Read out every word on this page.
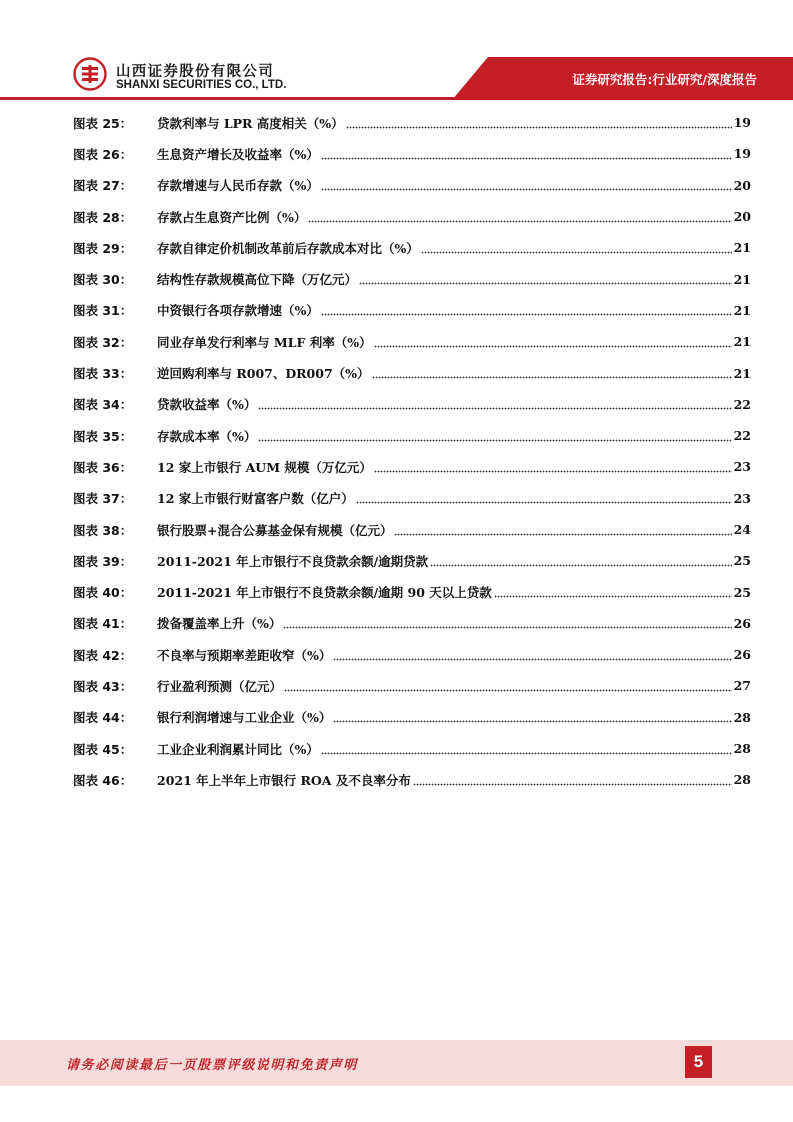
山西证券股份有限公司
SHANXI SECURITIES CO., LTD.	证券研究报告:行业研究/深度报告
图表 25：	贷款利率与 LPR 高度相关（%）	19
图表 26：	生息资产增长及收益率（%）	19
图表 27：	存款增速与人民币存款（%）	20
图表 28：	存款占生息资产比例（%）	20
图表 29：	存款自律定价机制改革前后存款成本对比（%）	21
图表 30：	结构性存款规模高位下降（万亿元）	21
图表 31：	中资银行各项存款增速（%）	21
图表 32：	同业存单发行利率与 MLF 利率（%）	21
图表 33：	逆回购利率与 R007、DR007（%）	21
图表 34：	贷款收益率（%）	22
图表 35：	存款成本率（%）	22
图表 36：	12 家上市银行 AUM 规模（万亿元）	23
图表 37：	12 家上市银行财富客户数（亿户）	23
图表 38：	银行股票+混合公募基金保有规模（亿元）	24
图表 39：	2011-2021 年上市银行不良贷款余额/逾期贷款	25
图表 40：	2011-2021 年上市银行不良贷款余额/逾期 90 天以上贷款	25
图表 41：	拨备覆盖率上升（%）	26
图表 42：	不良率与预期率差距收窄（%）	26
图表 43：	行业盈利预测（亿元）	27
图表 44：	银行利润增速与工业企业（%）	28
图表 45：	工业企业利润累计同比（%）	28
图表 46：	2021 年上半年上市银行 ROA 及不良率分布	28
请务必阅读最后一页股票评级说明和免责声明	5
